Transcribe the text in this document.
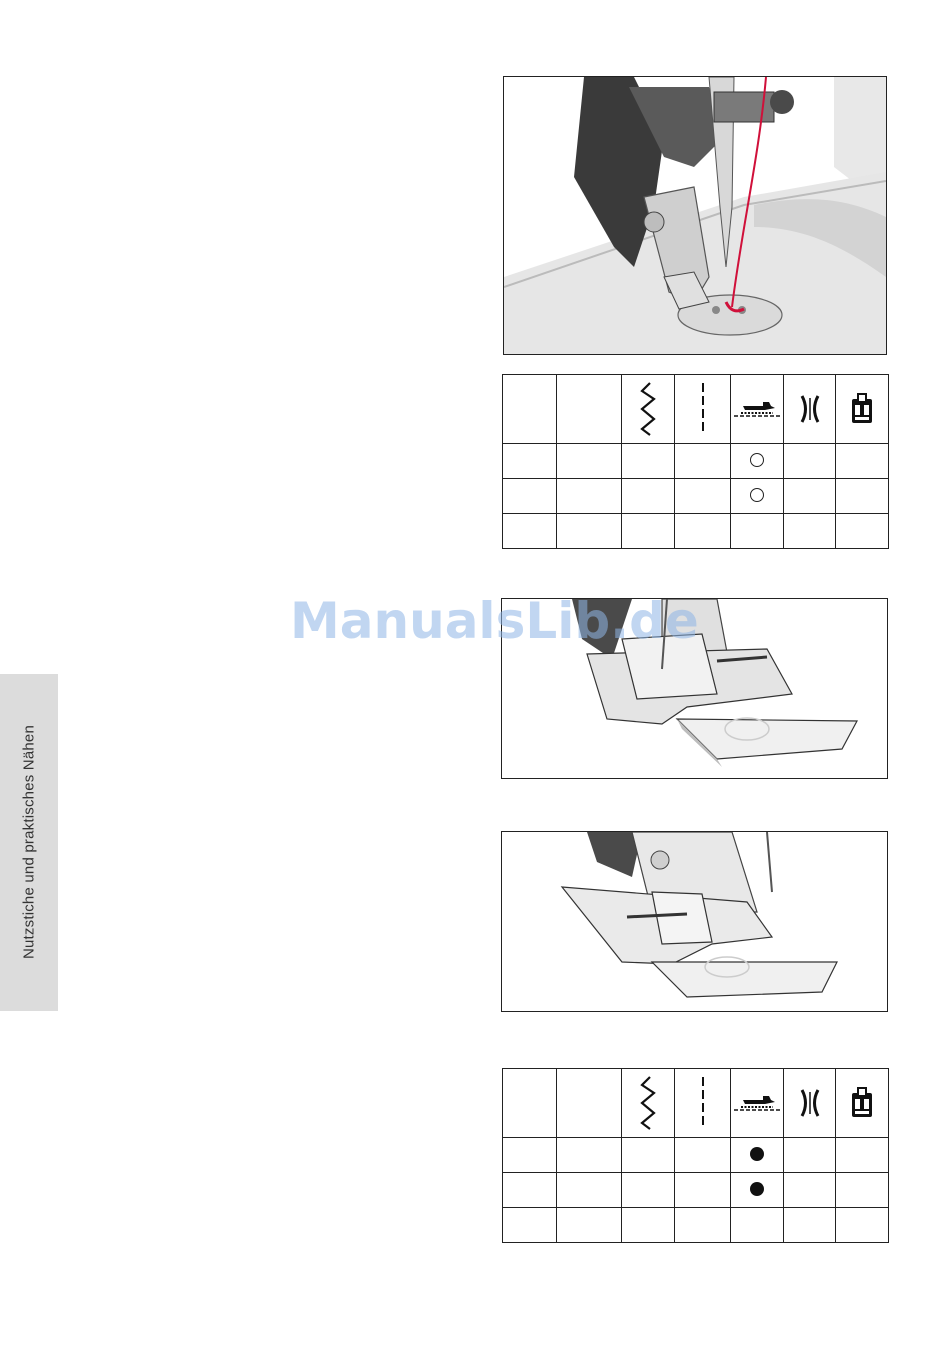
Nutzstiche und praktisches Nähen

ManualsLib.de
